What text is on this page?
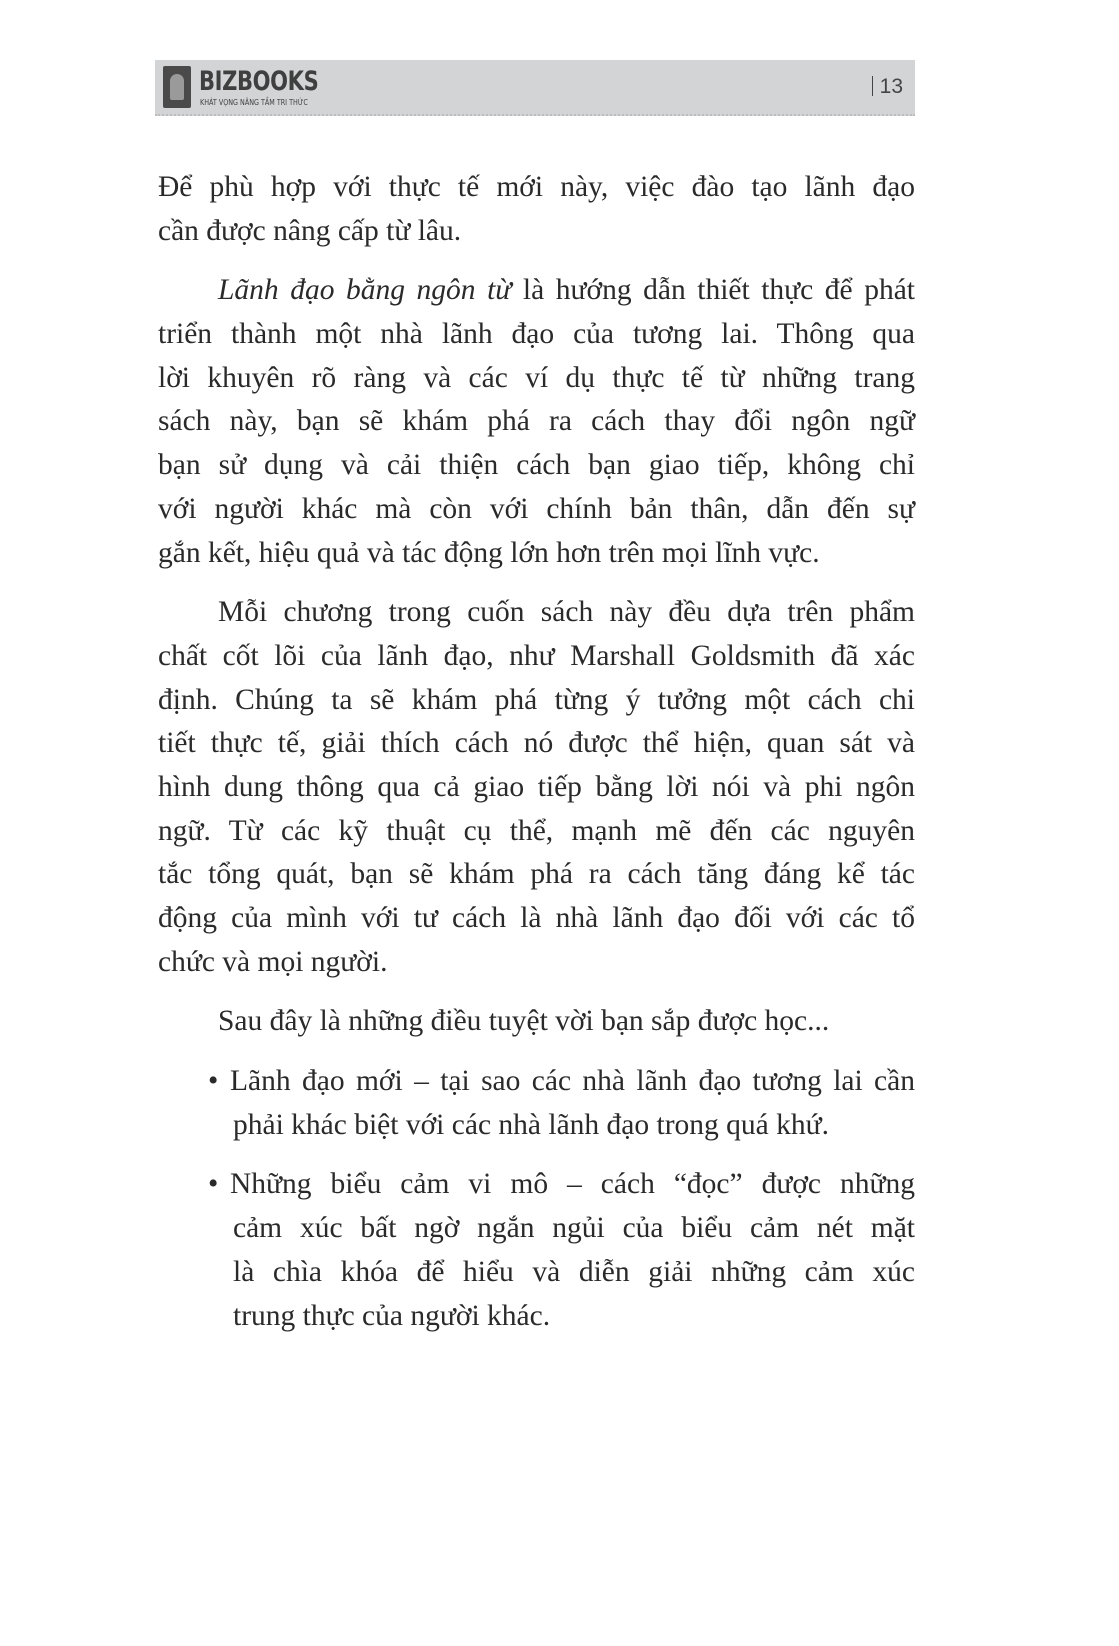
BIZBOOKS
KHÁT VỌNG NÂNG TẦM TRI THỨC
13
Để phù hợp với thực tế mới này, việc đào tạo lãnh đạo
cần được nâng cấp từ lâu.
Lãnh đạo bằng ngôn từ là hướng dẫn thiết thực để phát
triển thành một nhà lãnh đạo của tương lai. Thông qua
lời khuyên rõ ràng và các ví dụ thực tế từ những trang
sách này, bạn sẽ khám phá ra cách thay đổi ngôn ngữ
bạn sử dụng và cải thiện cách bạn giao tiếp, không chỉ
với người khác mà còn với chính bản thân, dẫn đến sự
gắn kết, hiệu quả và tác động lớn hơn trên mọi lĩnh vực.
Mỗi chương trong cuốn sách này đều dựa trên phẩm
chất cốt lõi của lãnh đạo, như Marshall Goldsmith đã xác
định. Chúng ta sẽ khám phá từng ý tưởng một cách chi
tiết thực tế, giải thích cách nó được thể hiện, quan sát và
hình dung thông qua cả giao tiếp bằng lời nói và phi ngôn
ngữ. Từ các kỹ thuật cụ thể, mạnh mẽ đến các nguyên
tắc tổng quát, bạn sẽ khám phá ra cách tăng đáng kể tác
động của mình với tư cách là nhà lãnh đạo đối với các tổ
chức và mọi người.
Sau đây là những điều tuyệt vời bạn sắp được học...
• Lãnh đạo mới – tại sao các nhà lãnh đạo tương lai cần
phải khác biệt với các nhà lãnh đạo trong quá khứ.
• Những biểu cảm vi mô – cách “đọc” được những
cảm xúc bất ngờ ngắn ngủi của biểu cảm nét mặt
là chìa khóa để hiểu và diễn giải những cảm xúc
trung thực của người khác.
